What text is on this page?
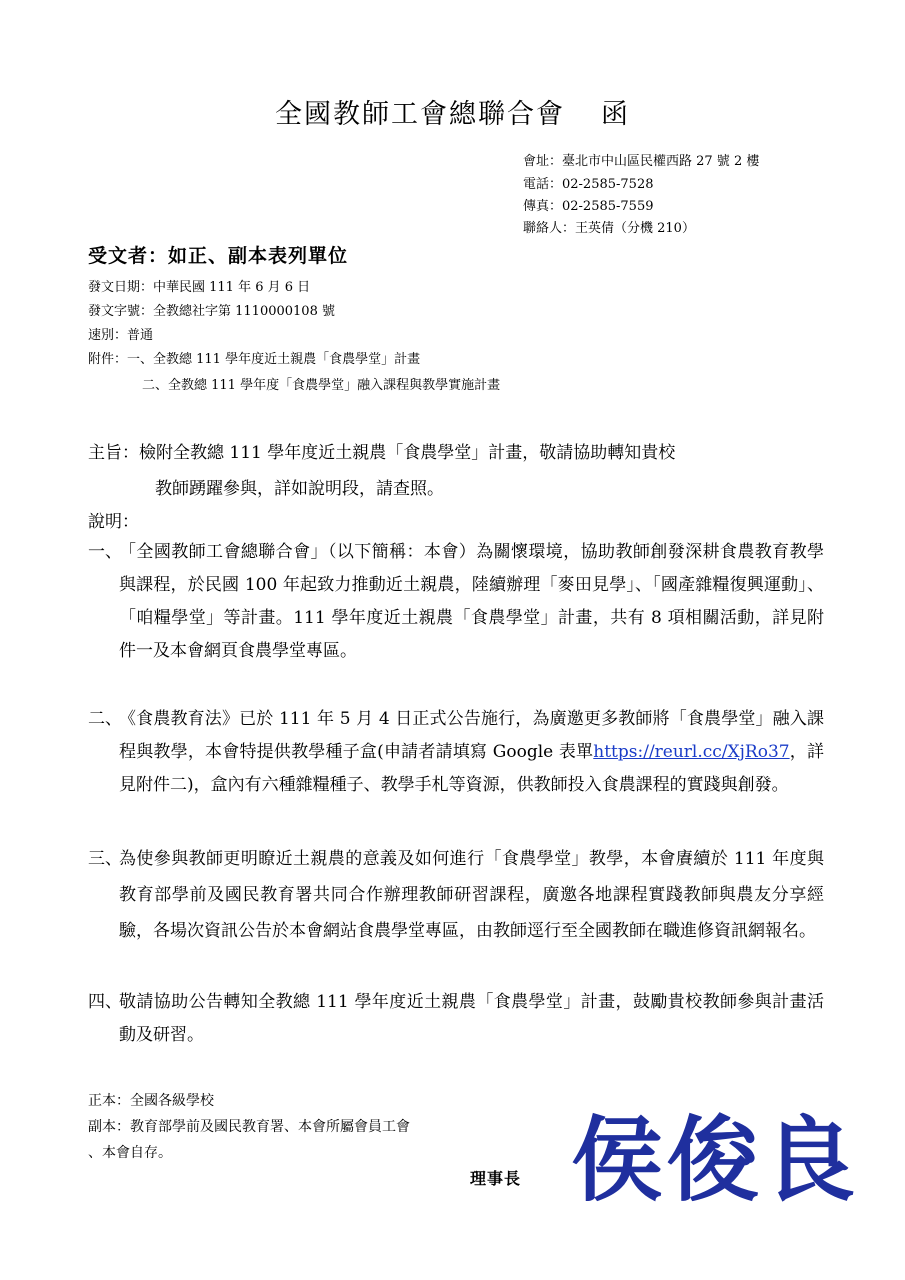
全國教師工會總聯合會 函
會址：臺北市中山區民權西路 27 號 2 樓
電話：02-2585-7528
傳真：02-2585-7559
聯絡人：王英倩（分機 210）
受文者：如正、副本表列單位
發文日期：中華民國 111 年 6 月 6 日
發文字號：全教總社字第 1110000108 號
速別：普通
附件：一、全教總 111 學年度近土親農「食農學堂」計畫
二、全教總 111 學年度「食農學堂」融入課程與教學實施計畫
主旨：檢附全教總 111 學年度近土親農「食農學堂」計畫，敬請協助轉知貴校
教師踴躍參與，詳如說明段，請查照。
說明：
一、
「全國教師工會總聯合會」（以下簡稱：本會）為關懷環境，協助教師創發深耕食農教育教學與課程，於民國 100 年起致力推動近土親農，陸續辦理「麥田見學」、「國產雜糧復興運動」、「咱糧學堂」等計畫。111 學年度近土親農「食農學堂」計畫，共有 8 項相關活動，詳見附件一及本會網頁食農學堂專區。
二、
《食農教育法》已於 111 年 5 月 4 日正式公告施行，為廣邀更多教師將「食農學堂」融入課程與教學，本會特提供教學種子盒(申請者請填寫 Google 表單https://reurl.cc/XjRo37，詳見附件二)，盒內有六種雜糧種子、教學手札等資源，供教師投入食農課程的實踐與創發。
三、
為使參與教師更明瞭近土親農的意義及如何進行「食農學堂」教學，本會賡續於 111 年度與教育部學前及國民教育署共同合作辦理教師研習課程，廣邀各地課程實踐教師與農友分享經驗，各場次資訊公告於本會網站食農學堂專區，由教師逕行至全國教師在職進修資訊網報名。
四、
敬請協助公告轉知全教總 111 學年度近土親農「食農學堂」計畫，鼓勵貴校教師參與計畫活動及研習。
正本：全國各級學校
副本：教育部學前及國民教育署、本會所屬會員工會
、本會自存。
理事長 侯俊良
